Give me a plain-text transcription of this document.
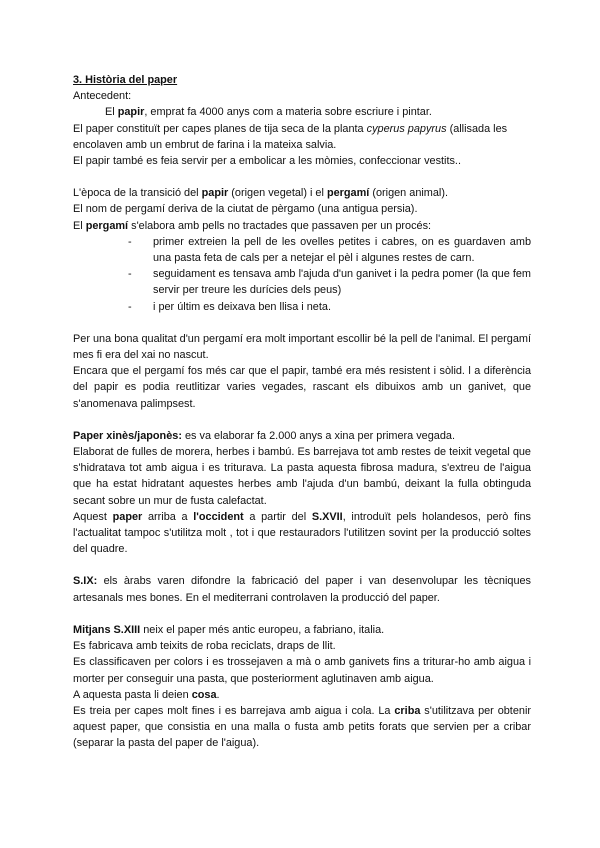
3. Història del paper

Antecedent:

El papir, emprat fa 4000 anys com a materia sobre escriure i pintar.

El paper constituït per capes planes de tija seca de la planta cyperus papyrus (allisada les encolaven amb un embrut de farina i la mateixa salvia.

El papir també es feia servir per a embolicar a les mòmies, confeccionar vestits..

L'època de la transició del papir (origen vegetal) i el pergamí (origen animal).

El nom de pergamí deriva de la ciutat de pèrgamo (una antigua persia).

El pergamí s'elabora amb pells no tractades que passaven per un procés:

- primer extreien la pell de les ovelles petites i cabres, on es guardaven amb una pasta feta de cals per a netejar el pèl i algunes restes de carn.
- seguidament es tensava amb l'ajuda d'un ganivet i la pedra pomer (la que fem servir per treure les durícies dels peus)
- i per últim es deixava ben llisa i neta.

Per una bona qualitat d'un pergamí era molt important escollir bé la pell de l'animal. El pergamí mes fi era del xai no nascut.

Encara que el pergamí fos més car que el papir, també era més resistent i sòlid. l a diferència del papir es podia reutlitizar varies vegades, rascant els dibuixos amb un ganivet, que s'anomenava palimpsest.

Paper xinès/japonès: es va elaborar fa 2.000 anys a xina per primera vegada.

Elaborat de fulles de morera, herbes i bambú. Es barrejava tot amb restes de teixit vegetal que s'hidratava tot amb aigua i es triturava. La pasta aquesta fibrosa madura, s'extreu de l'aigua que ha estat hidratant aquestes herbes amb l'ajuda d'un bambú, deixant la fulla obtinguda secant sobre un mur de fusta calefactat.

Aquest paper arriba a l'occident a partir del S.XVII, introduït pels holandesos, però fins l'actualitat tampoc s'utilitza molt , tot i que restauradors l'utilitzen sovint per la producció soltes del quadre.

S.IX: els àrabs varen difondre la fabricació del paper i van desenvolupar les tècniques artesanals mes bones. En el mediterrani controlaven la producció del paper.

Mitjans S.XIII neix el paper més antic europeu, a fabriano, italia.

Es fabricava amb teixits de roba reciclats, draps de llit.

Es classificaven per colors i es trossejaven a mà o amb ganivets fins a triturar-ho amb aigua i morter per conseguir una pasta, que posteriorment aglutinaven amb aigua.

A aquesta pasta li deien cosa.

Es treia per capes molt fines i es barrejava amb aigua i cola. La criba s'utilitzava per obtenir aquest paper, que consistia en una malla o fusta amb petits forats que servien per a cribar (separar la pasta del paper de l'aigua).
